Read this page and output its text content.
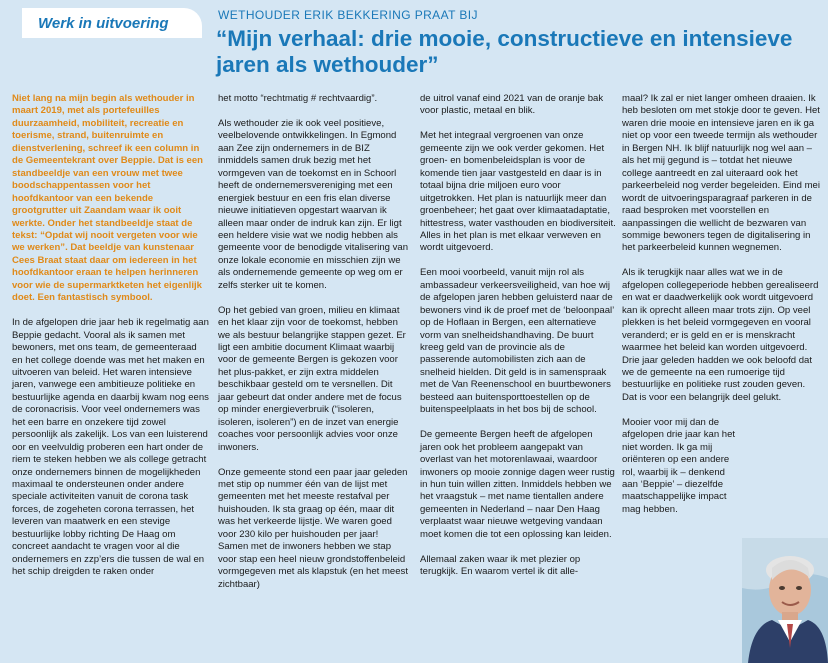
Werk in uitvoering	WETHOUDER ERIK BEKKERING PRAAT BIJ
“Mijn verhaal: drie mooie, constructieve en intensieve jaren als wethouder”

Niet lang na mijn begin als wethouder in maart 2019, met als portefeuilles duurzaamheid, mobiliteit, recreatie en toerisme, strand, buitenruimte en dienstverlening, schreef ik een column in de Gemeentekrant over Beppie. Dat is een standbeeldje van een vrouw met twee boodschappentassen voor het hoofdkantoor van een bekende grootgrutter uit Zaandam waar ik ooit werkte. Onder het standbeeldje staat de tekst: “Opdat wij nooit vergeten voor wie we werken”. Dat beeldje van kunstenaar Cees Braat staat daar om iedereen in het hoofdkantoor eraan te helpen herinneren voor wie de supermarktketen het eigenlijk doet. Een fantastisch symbool.

In de afgelopen drie jaar heb ik regelmatig aan Beppie gedacht. Vooral als ik samen met bewoners, met ons team, de gemeenteraad en het college doende was met het maken en uitvoeren van beleid. Het waren intensieve jaren, vanwege een ambitieuze politieke en bestuurlijke agenda en daarbij kwam nog eens de coronacrisis. Voor veel ondernemers was het een barre en onzekere tijd zowel persoonlijk als zakelijk. Los van een luisterend oor en veelvuldig proberen een hart onder de riem te steken hebben we als college getracht onze ondernemers binnen de mogelijkheden maximaal te ondersteunen onder andere speciale activiteiten vanuit de corona task forces, de zogeheten corona terrassen, het leveren van maatwerk en een stevige bestuurlijke lobby richting De Haag om concreet aandacht te vragen voor al die ondernemers en zzp’ers die tussen de wal en het schip dreigden te raken onder

het motto “rechtmatig # rechtvaardig”.

Als wethouder zie ik ook veel positieve, veelbelovende ontwikkelingen. In Egmond aan Zee zijn ondernemers in de BIZ inmiddels samen druk bezig met het vormgeven van de toekomst en in Schoorl heeft de ondernemersvereniging met een energiek bestuur en een fris elan diverse nieuwe initiatieven opgestart waarvan ik alleen maar onder de indruk kan zijn. Er ligt een heldere visie wat we nodig hebben als gemeente voor de benodigde vitalisering van onze lokale economie en misschien zijn we als ondernemende gemeente op weg om er zelfs sterker uit te komen.

Op het gebied van groen, milieu en klimaat en het klaar zijn voor de toekomst, hebben we als bestuur belangrijke stappen gezet. Er ligt een ambitie document Klimaat waarbij voor de gemeente Bergen is gekozen voor het plus-pakket, er zijn extra middelen beschikbaar gesteld om te versnellen. Dit jaar gebeurt dat onder andere met de focus op minder energieverbruik (“isoleren, isoleren, isoleren”) en de inzet van energie coaches voor persoonlijk advies voor onze inwoners.

Onze gemeente stond een paar jaar geleden met stip op nummer één van de lijst met gemeenten met het meeste restafval per huishouden. Ik sta graag op één, maar dit was het verkeerde lijstje. We waren goed voor 230 kilo per huishouden per jaar! Samen met de inwoners hebben we stap voor stap een heel nieuw grondstoffenbeleid vormgegeven met als klapstuk (en het meest zichtbaar)

de uitrol vanaf eind 2021 van de oranje bak voor plastic, metaal en blik.

Met het integraal vergroenen van onze gemeente zijn we ook verder gekomen. Het groen- en bomenbeleidsplan is voor de komende tien jaar vastgesteld en daar is in totaal bijna drie miljoen euro voor uitgetrokken. Het plan is natuurlijk meer dan groenbeheer; het gaat over klimaatadaptatie, hittestress, water vasthouden en biodiversiteit. Alles in het plan is met elkaar verweven en wordt uitgevoerd.

Een mooi voorbeeld, vanuit mijn rol als ambassadeur verkeersveiligheid, van hoe wij de afgelopen jaren hebben geluisterd naar de bewoners vind ik de proef met de ‘beloonpaal’ op de Hoflaan in Bergen, een alternatieve vorm van snelheidshandhaving. De buurt kreeg geld van de provincie als de passerende automobilisten zich aan de snelheid hielden. Dit geld is in samenspraak met de Van Reenenschool en buurtbewoners besteed aan buitensporttoestellen op de buitenspeelplaats in het bos bij de school.

De gemeente Bergen heeft de afgelopen jaren ook het probleem aangepakt van overlast van het motorenlawaai, waardoor inwoners op mooie zonnige dagen weer rustig in hun tuin willen zitten. Inmiddels hebben we het vraagstuk – met name tientallen andere gemeenten in Nederland – naar Den Haag verplaatst waar nieuwe wetgeving vandaan moet komen die tot een oplossing kan leiden.

Allemaal zaken waar ik met plezier op terugkijk. En waarom vertel ik dit alle-

maal? Ik zal er niet langer omheen draaien. Ik heb besloten om met stokje door te geven. Het waren drie mooie en intensieve jaren en ik ga niet op voor een tweede termijn als wethouder in Bergen NH. Ik blijf natuurlijk nog wel aan – als het mij gegund is – totdat het nieuwe college aantreedt en zal uiteraard ook het parkeerbeleid nog verder begeleiden. Eind mei wordt de uitvoeringsparagraaf parkeren in de raad besproken met voorstellen en aanpassingen die wellicht de bezwaren van sommige bewoners tegen de digitalisering in het parkeerbeleid kunnen wegnemen.

Als ik terugkijk naar alles wat we in de afgelopen collegeperiode hebben gerealiseerd en wat er daadwerkelijk ook wordt uitgevoerd kan ik oprecht alleen maar trots zijn. Op veel plekken is het beleid vormgegeven en vooral veranderd; er is geld en er is menskracht waarmee het beleid kan worden uitgevoerd. Drie jaar geleden hadden we ook beloofd dat we de gemeente na een rumoerige tijd bestuurlijke en politieke rust zouden geven. Dat is voor een belangrijk deel gelukt.

Mooier voor mij dan de afgelopen drie jaar kan het niet worden. Ik ga mij oriënteren op een andere rol, waarbij ik – denkend aan ‘Beppie’ – diezelfde maatschappelijke impact mag hebben.
